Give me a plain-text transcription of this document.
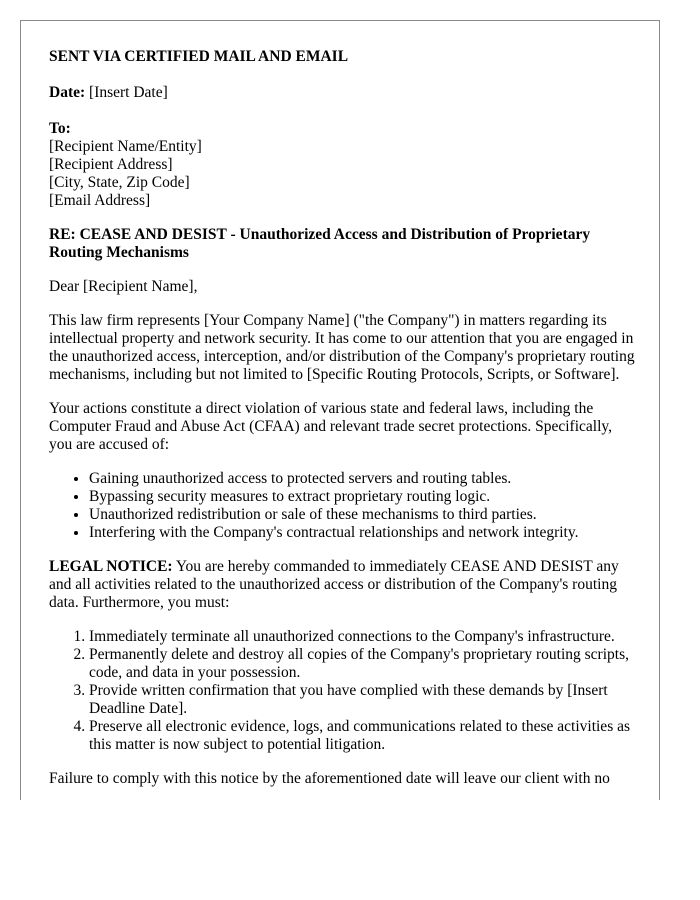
SENT VIA CERTIFIED MAIL AND EMAIL

Date: [Insert Date]

To:
[Recipient Name/Entity]
[Recipient Address]
[City, State, Zip Code]
[Email Address]

RE: CEASE AND DESIST - Unauthorized Access and Distribution of Proprietary Routing Mechanisms

Dear [Recipient Name],

This law firm represents [Your Company Name] ("the Company") in matters regarding its intellectual property and network security. It has come to our attention that you are engaged in the unauthorized access, interception, and/or distribution of the Company's proprietary routing mechanisms, including but not limited to [Specific Routing Protocols, Scripts, or Software].

Your actions constitute a direct violation of various state and federal laws, including the Computer Fraud and Abuse Act (CFAA) and relevant trade secret protections. Specifically, you are accused of:

• Gaining unauthorized access to protected servers and routing tables.
• Bypassing security measures to extract proprietary routing logic.
• Unauthorized redistribution or sale of these mechanisms to third parties.
• Interfering with the Company's contractual relationships and network integrity.

LEGAL NOTICE: You are hereby commanded to immediately CEASE AND DESIST any and all activities related to the unauthorized access or distribution of the Company's routing data. Furthermore, you must:

1. Immediately terminate all unauthorized connections to the Company's infrastructure.
2. Permanently delete and destroy all copies of the Company's proprietary routing scripts, code, and data in your possession.
3. Provide written confirmation that you have complied with these demands by [Insert Deadline Date].
4. Preserve all electronic evidence, logs, and communications related to these activities as this matter is now subject to potential litigation.

Failure to comply with this notice by the aforementioned date will leave our client with no
